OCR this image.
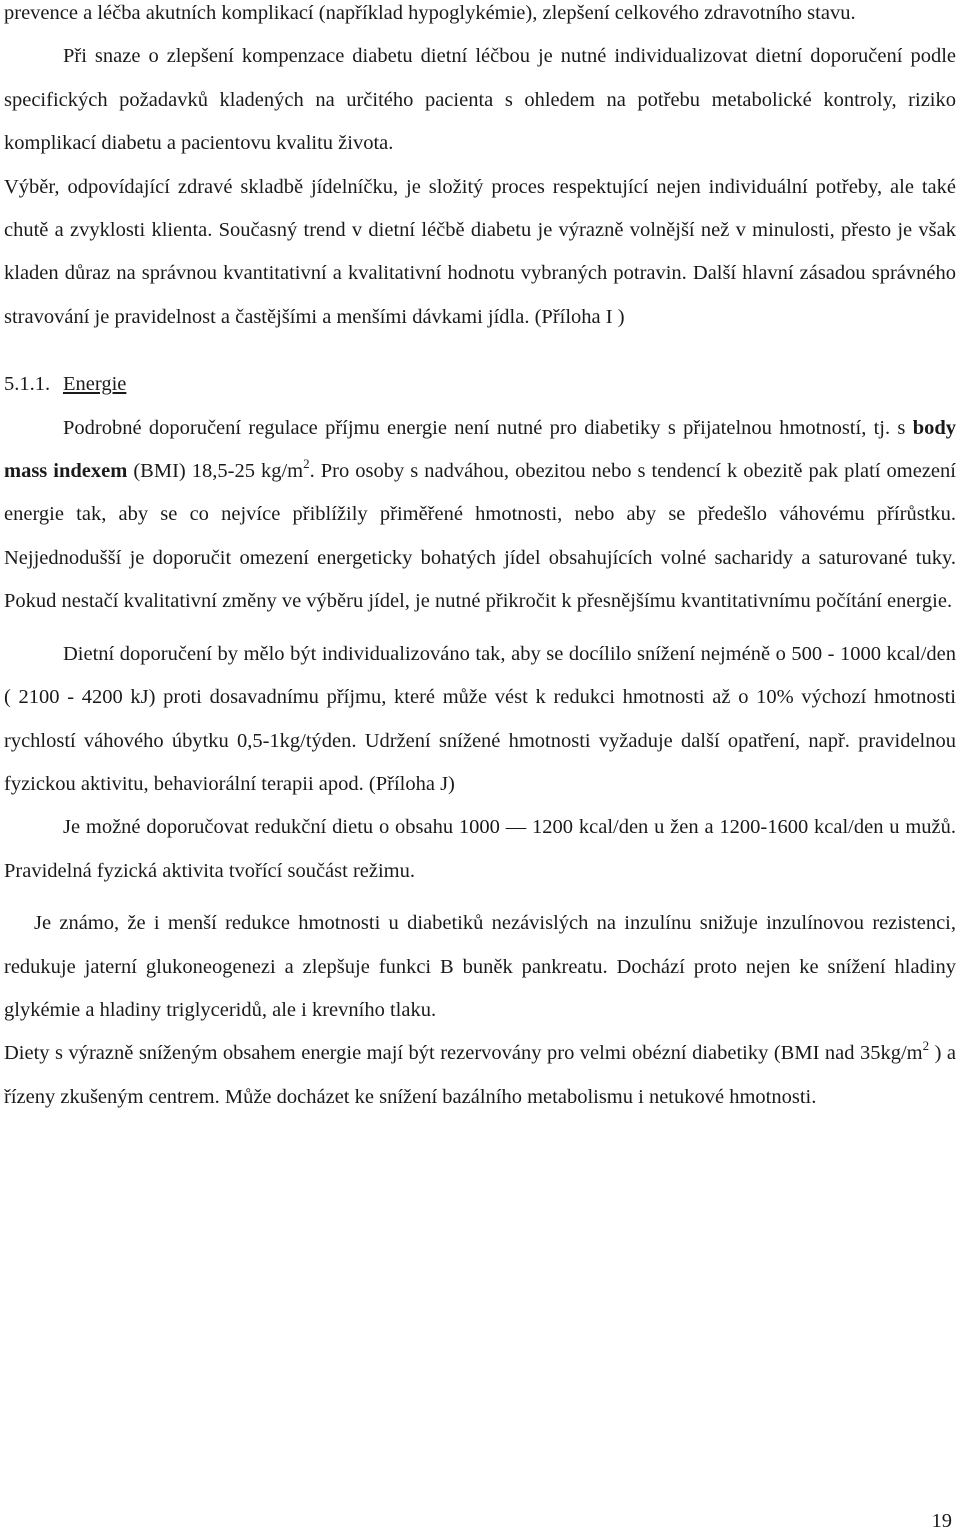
prevence a léčba akutních komplikací (například hypoglykémie), zlepšení celkového zdravotního stavu.

Při snaze o zlepšení kompenzace diabetu dietní léčbou je nutné individualizovat dietní doporučení podle specifických požadavků kladených na určitého pacienta s ohledem na potřebu metabolické kontroly, riziko komplikací diabetu a pacientovu kvalitu života.

Výběr, odpovídající zdravé skladbě jídelníčku, je složitý proces respektující nejen individuální potřeby, ale také chutě a zvyklosti klienta. Současný trend v dietní léčbě diabetu je výrazně volnější než v minulosti, přesto je však kladen důraz na správnou kvantitativní a kvalitativní hodnotu vybraných potravin. Další hlavní zásadou správného stravování je pravidelnost a častějšími a menšími dávkami jídla. (Příloha I )

5.1.1. Energie

Podrobné doporučení regulace příjmu energie není nutné pro diabetiky s přijatelnou hmotností, tj. s body mass indexem (BMI) 18,5-25 $kg/m^2$. Pro osoby s nadváhou, obezitou nebo s tendencí k obezitě pak platí omezení energie tak, aby se co nejvíce přiblížily přiměřené hmotnosti, nebo aby se předešlo váhovému přírůstku. Nejjednodušší je doporučit omezení energeticky bohatých jídel obsahujících volné sacharidy a saturované tuky. Pokud nestačí kvalitativní změny ve výběru jídel, je nutné přikročit k přesnějšímu kvantitativnímu počítání energie.

Dietní doporučení by mělo být individualizováno tak, aby se docílilo snížení nejméně o 500 - 1000 kcal/den ( 2100 - 4200 kJ) proti dosavadnímu příjmu, které může vést k redukci hmotnosti až o 10% výchozí hmotnosti rychlostí váhového úbytku 0,5-1kg/týden. Udržení snížené hmotnosti vyžaduje další opatření, např. pravidelnou fyzickou aktivitu, behaviorální terapii apod. (Příloha J)

Je možné doporučovat redukční dietu o obsahu 1000 — 1200 kcal/den u žen a 1200-1600 kcal/den u mužů. Pravidelná fyzická aktivita tvořící součást režimu.

Je známo, že i menší redukce hmotnosti u diabetiků nezávislých na inzulínu snižuje inzulínovou rezistenci, redukuje jaterní glukoneogenezi a zlepšuje funkci B buněk pankreatu. Dochází proto nejen ke snížení hladiny glykémie a hladiny triglyceridů, ale i krevního tlaku.

Diety s výrazně sníženým obsahem energie mají být rezervovány pro velmi obézní diabetiky (BMI nad $35kg/m^2$ ) a řízeny zkušeným centrem. Může docházet ke snížení bazálního metabolismu i netukové hmotnosti.

19
